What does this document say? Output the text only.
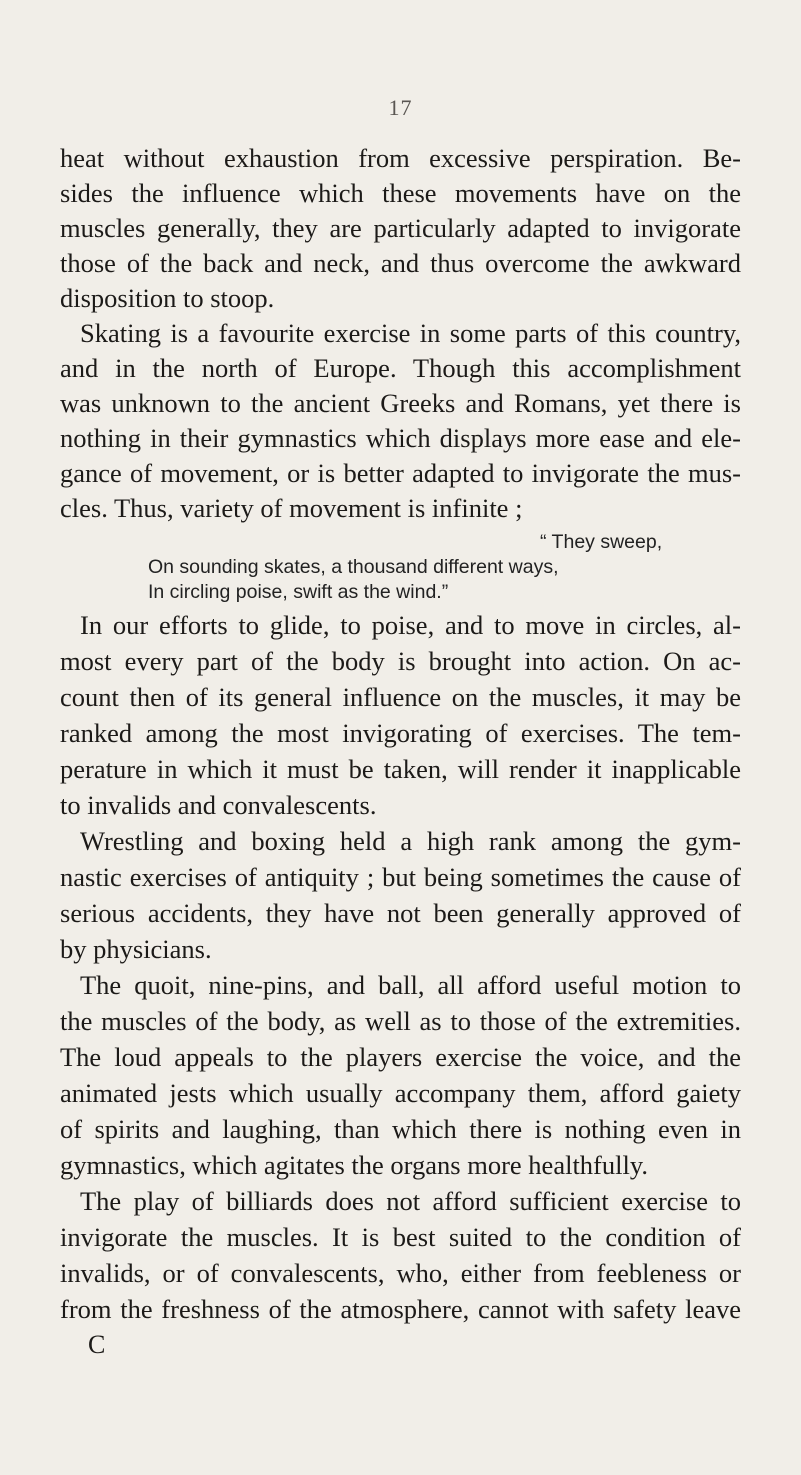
17
heat without exhaustion from excessive perspiration. Be-
sides the influence which these movements have on the
muscles generally, they are particularly adapted to invigorate
those of the back and neck, and thus overcome the awkward
disposition to stoop.
Skating is a favourite exercise in some parts of this country,
and in the north of Europe. Though this accomplishment
was unknown to the ancient Greeks and Romans, yet there is
nothing in their gymnastics which displays more ease and ele-
gance of movement, or is better adapted to invigorate the mus-
cles. Thus, variety of movement is infinite ;
“ They sweep,
On sounding skates, a thousand different ways,
In circling poise, swift as the wind.”
In our efforts to glide, to poise, and to move in circles, al-
most every part of the body is brought into action. On ac-
count then of its general influence on the muscles, it may be
ranked among the most invigorating of exercises. The tem-
perature in which it must be taken, will render it inapplicable
to invalids and convalescents.
Wrestling and boxing held a high rank among the gym-
nastic exercises of antiquity ; but being sometimes the cause of
serious accidents, they have not been generally approved of
by physicians.
The quoit, nine-pins, and ball, all afford useful motion to
the muscles of the body, as well as to those of the extremities.
The loud appeals to the players exercise the voice, and the
animated jests which usually accompany them, afford gaiety
of spirits and laughing, than which there is nothing even in
gymnastics, which agitates the organs more healthfully.
The play of billiards does not afford sufficient exercise to
invigorate the muscles. It is best suited to the condition of
invalids, or of convalescents, who, either from feebleness or
from the freshness of the atmosphere, cannot with safety leave
C
